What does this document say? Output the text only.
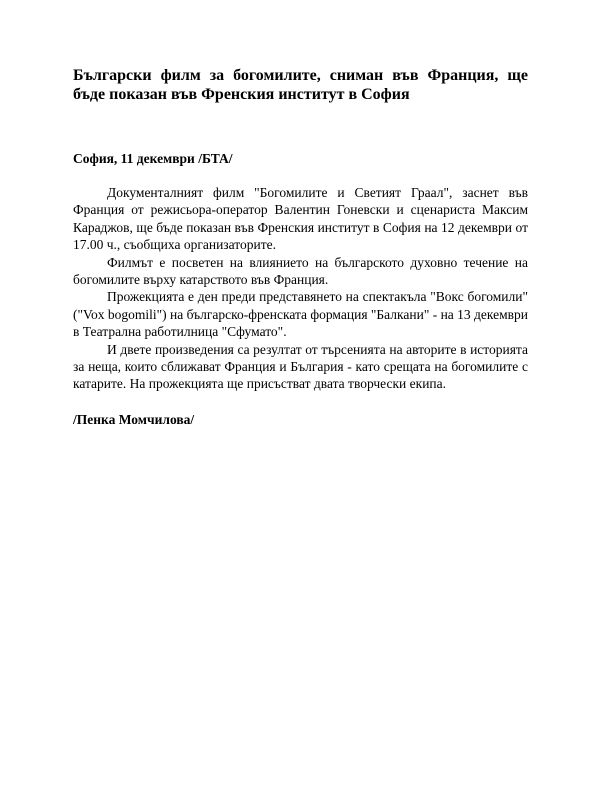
Български филм за богомилите, сниман във Франция, ще бъде показан във Френския институт в София

София, 11 декември /БТА/

Документалният филм "Богомилите и Светият Граал", заснет във Франция от режисьора-оператор Валентин Гоневски и сценариста Максим Караджов, ще бъде показан във Френския институт в София на 12 декември от 17.00 ч., съобщиха организаторите.

Филмът е посветен на влиянието на българското духовно течение на богомилите върху катарството във Франция.

Прожекцията е ден преди представянето на спектакъла "Вокс богомили"("Vox bogomili") на българско-френската формация "Балкани" - на 13 декември в Театрална работилница "Сфумато".

И двете произведения са резултат от търсенията на авторите в историята за неща, които сближават Франция и България - като срещата на богомилите с катарите. На прожекцията ще присъстват двата творчески екипа.

/Пенка Момчилова/
